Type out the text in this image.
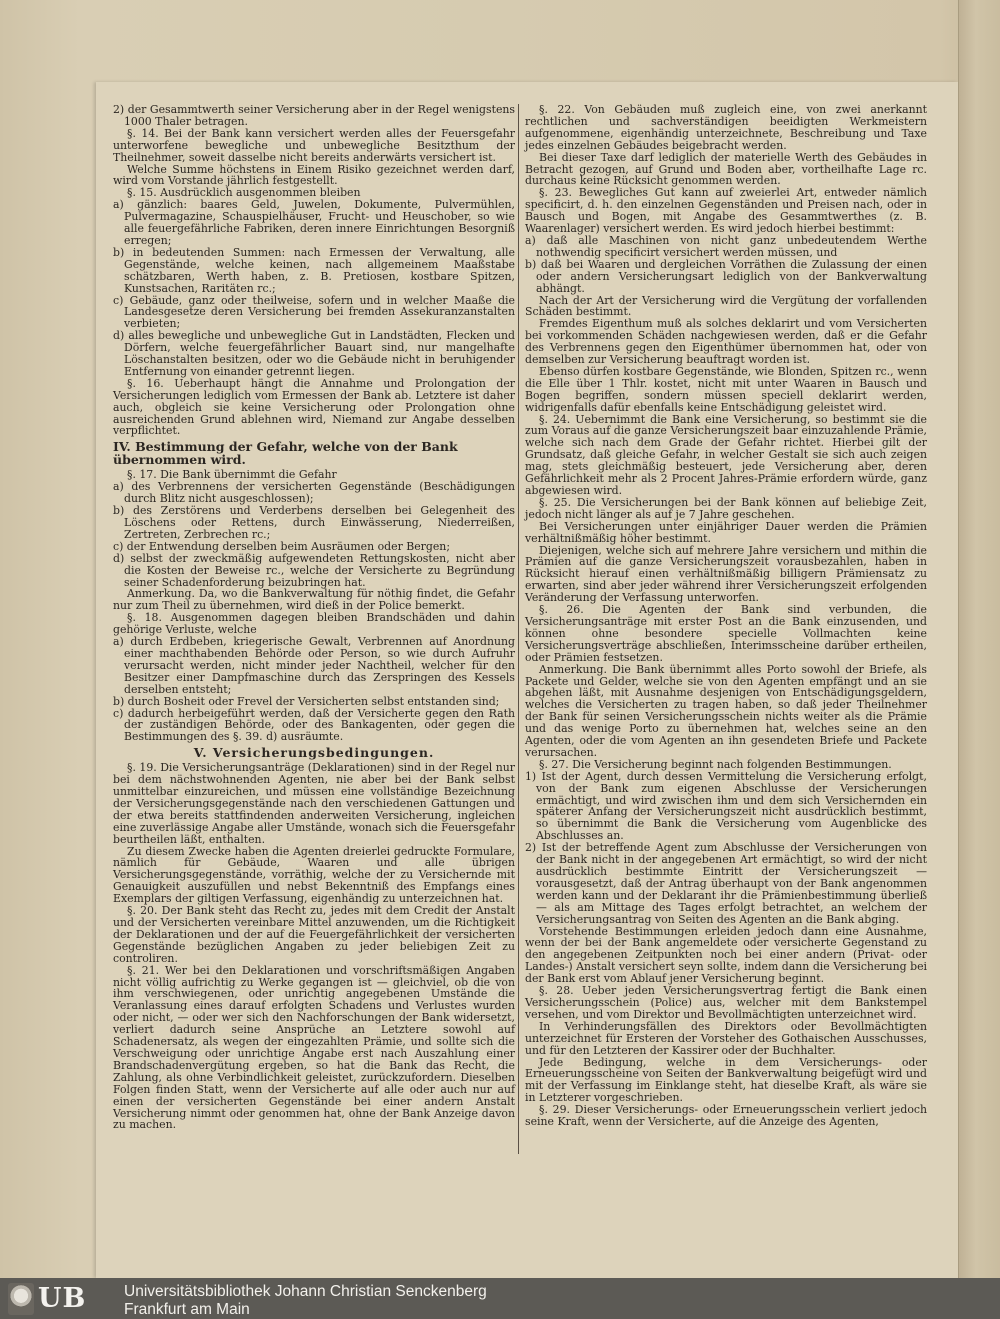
2) der Gesammtwerth seiner Versicherung aber in der Regel wenigstens 1000 Thaler betragen.

§. 14. Bei der Bank kann versichert werden alles der Feuersgefahr unterworfene bewegliche und unbewegliche Besitzthum der Theilnehmer, soweit dasselbe nicht bereits anderwärts versichert ist.

Welche Summe höchstens in Einem Risiko gezeichnet werden darf, wird vom Vorstande jährlich festgestellt.

§. 15. Ausdrücklich ausgenommen bleiben

a) gänzlich: baares Geld, Juwelen, Dokumente, Pulvermühlen, Pulvermagazine, Schauspielhäuser, Frucht- und Heuschober, so wie alle feuergefährliche Fabriken, deren innere Einrichtungen Besorgniß erregen;

b) in bedeutenden Summen: nach Ermessen der Verwaltung, alle Gegenstände, welche keinen, nach allgemeinem Maaßstabe schätzbaren, Werth haben, z. B. Pretiosen, kostbare Spitzen, Kunstsachen, Raritäten rc.;

c) Gebäude, ganz oder theilweise, sofern und in welcher Maaße die Landesgesetze deren Versicherung bei fremden Assekuranzanstalten verbieten;

d) alles bewegliche und unbewegliche Gut in Landstädten, Flecken und Dörfern, welche feuergefährlicher Bauart sind, nur mangelhafte Löschanstalten besitzen, oder wo die Gebäude nicht in beruhigender Entfernung von einander getrennt liegen.

§. 16. Ueberhaupt hängt die Annahme und Prolongation der Versicherungen lediglich vom Ermessen der Bank ab. Letztere ist daher auch, obgleich sie keine Versicherung oder Prolongation ohne ausreichenden Grund ablehnen wird, Niemand zur Angabe desselben verpflichtet.

IV. Bestimmung der Gefahr, welche von der Bank übernommen wird.

§. 17. Die Bank übernimmt die Gefahr

a) des Verbrennens der versicherten Gegenstände (Beschädigungen durch Blitz nicht ausgeschlossen);

b) des Zerstörens und Verderbens derselben bei Gelegenheit des Löschens oder Rettens, durch Einwässerung, Niederreißen, Zertreten, Zerbrechen rc.;

c) der Entwendung derselben beim Ausräumen oder Bergen;

d) selbst der zweckmäßig aufgewendeten Rettungskosten, nicht aber die Kosten der Beweise rc., welche der Versicherte zu Begründung seiner Schadenforderung beizubringen hat.

Anmerkung. Da, wo die Bankverwaltung für nöthig findet, die Gefahr nur zum Theil zu übernehmen, wird dieß in der Police bemerkt.

§. 18. Ausgenommen dagegen bleiben Brandschäden und dahin gehörige Verluste, welche

a) durch Erdbeben, kriegerische Gewalt, Verbrennen auf Anordnung einer machthabenden Behörde oder Person, so wie durch Aufruhr verursacht werden, nicht minder jeder Nachtheil, welcher für den Besitzer einer Dampfmaschine durch das Zerspringen des Kessels derselben entsteht;

b) durch Bosheit oder Frevel der Versicherten selbst entstanden sind;

c) dadurch herbeigeführt werden, daß der Versicherte gegen den Rath der zuständigen Behörde, oder des Bankagenten, oder gegen die Bestimmungen des §. 39. d) ausräumte.

V. Versicherungsbedingungen.

§. 19. Die Versicherungsanträge (Deklarationen) sind in der Regel nur bei dem nächstwohnenden Agenten, nie aber bei der Bank selbst unmittelbar einzureichen, und müssen eine vollständige Bezeichnung der Versicherungsgegenstände nach den verschiedenen Gattungen und der etwa bereits stattfindenden anderweiten Versicherung, ingleichen eine zuverlässige Angabe aller Umstände, wonach sich die Feuersgefahr beurtheilen läßt, enthalten.

Zu diesem Zwecke haben die Agenten dreierlei gedruckte Formulare, nämlich für Gebäude, Waaren und alle übrigen Versicherungsgegenstände, vorräthig, welche der zu Versichernde mit Genauigkeit auszufüllen und nebst Bekenntniß des Empfangs eines Exemplars der giltigen Verfassung, eigenhändig zu unterzeichnen hat.

§. 20. Der Bank steht das Recht zu, jedes mit dem Credit der Anstalt und der Versicherten vereinbare Mittel anzuwenden, um die Richtigkeit der Deklarationen und der auf die Feuergefährlichkeit der versicherten Gegenstände bezüglichen Angaben zu jeder beliebigen Zeit zu controliren.

§. 21. Wer bei den Deklarationen und vorschriftsmäßigen Angaben nicht völlig aufrichtig zu Werke gegangen ist — gleichviel, ob die von ihm verschwiegenen, oder unrichtig angegebenen Umstände die Veranlassung eines darauf erfolgten Schadens und Verlustes wurden oder nicht, — oder wer sich den Nachforschungen der Bank widersetzt, verliert dadurch seine Ansprüche an Letztere sowohl auf Schadenersatz, als wegen der eingezahlten Prämie, und sollte sich die Verschweigung oder unrichtige Angabe erst nach Auszahlung einer Brandschadenvergütung ergeben, so hat die Bank das Recht, die Zahlung, als ohne Verbindlichkeit geleistet, zurückzufordern. Dieselben Folgen finden Statt, wenn der Versicherte auf alle oder auch nur auf einen der versicherten Gegenstände bei einer andern Anstalt Versicherung nimmt oder genommen hat, ohne der Bank Anzeige davon zu machen.

§. 22. Von Gebäuden muß zugleich eine, von zwei anerkannt rechtlichen und sachverständigen beeidigten Werkmeistern aufgenommene, eigenhändig unterzeichnete, Beschreibung und Taxe jedes einzelnen Gebäudes beigebracht werden.

Bei dieser Taxe darf lediglich der materielle Werth des Gebäudes in Betracht gezogen, auf Grund und Boden aber, vortheilhafte Lage rc. durchaus keine Rücksicht genommen werden.

§. 23. Bewegliches Gut kann auf zweierlei Art, entweder nämlich specificirt, d. h. den einzelnen Gegenständen und Preisen nach, oder in Bausch und Bogen, mit Angabe des Gesammtwerthes (z. B. Waarenlager) versichert werden. Es wird jedoch hierbei bestimmt:

a) daß alle Maschinen von nicht ganz unbedeutendem Werthe nothwendig specificirt versichert werden müssen, und

b) daß bei Waaren und dergleichen Vorräthen die Zulassung der einen oder andern Versicherungsart lediglich von der Bankverwaltung abhängt.

Nach der Art der Versicherung wird die Vergütung der vorfallenden Schäden bestimmt.

Fremdes Eigenthum muß als solches deklarirt und vom Versicherten bei vorkommenden Schäden nachgewiesen werden, daß er die Gefahr des Verbrennens gegen den Eigenthümer übernommen hat, oder von demselben zur Versicherung beauftragt worden ist.

Ebenso dürfen kostbare Gegenstände, wie Blonden, Spitzen rc., wenn die Elle über 1 Thlr. kostet, nicht mit unter Waaren in Bausch und Bogen begriffen, sondern müssen speciell deklarirt werden, widrigenfalls dafür ebenfalls keine Entschädigung geleistet wird.

§. 24. Uebernimmt die Bank eine Versicherung, so bestimmt sie die zum Voraus auf die ganze Versicherungszeit baar einzuzahlende Prämie, welche sich nach dem Grade der Gefahr richtet. Hierbei gilt der Grundsatz, daß gleiche Gefahr, in welcher Gestalt sie sich auch zeigen mag, stets gleichmäßig besteuert, jede Versicherung aber, deren Gefährlichkeit mehr als 2 Procent Jahres-Prämie erfordern würde, ganz abgewiesen wird.

§. 25. Die Versicherungen bei der Bank können auf beliebige Zeit, jedoch nicht länger als auf je 7 Jahre geschehen.

Bei Versicherungen unter einjähriger Dauer werden die Prämien verhältnißmäßig höher bestimmt.

Diejenigen, welche sich auf mehrere Jahre versichern und mithin die Prämien auf die ganze Versicherungszeit vorausbezahlen, haben in Rücksicht hierauf einen verhältnißmäßig billigern Prämiensatz zu erwarten, sind aber jeder während ihrer Versicherungszeit erfolgenden Veränderung der Verfassung unterworfen.

§. 26. Die Agenten der Bank sind verbunden, die Versicherungsanträge mit erster Post an die Bank einzusenden, und können ohne besondere specielle Vollmachten keine Versicherungsverträge abschließen, Interimsscheine darüber ertheilen, oder Prämien festsetzen.

Anmerkung. Die Bank übernimmt alles Porto sowohl der Briefe, als Packete und Gelder, welche sie von den Agenten empfängt und an sie abgehen läßt, mit Ausnahme desjenigen von Entschädigungsgeldern, welches die Versicherten zu tragen haben, so daß jeder Theilnehmer der Bank für seinen Versicherungsschein nichts weiter als die Prämie und das wenige Porto zu übernehmen hat, welches seine an den Agenten, oder die vom Agenten an ihn gesendeten Briefe und Packete verursachen.

§. 27. Die Versicherung beginnt nach folgenden Bestimmungen.

1) Ist der Agent, durch dessen Vermittelung die Versicherung erfolgt, von der Bank zum eigenen Abschlusse der Versicherungen ermächtigt, und wird zwischen ihm und dem sich Versichernden ein späterer Anfang der Versicherungszeit nicht ausdrücklich bestimmt, so übernimmt die Bank die Versicherung vom Augenblicke des Abschlusses an.

2) Ist der betreffende Agent zum Abschlusse der Versicherungen von der Bank nicht in der angegebenen Art ermächtigt, so wird der nicht ausdrücklich bestimmte Eintritt der Versicherungszeit — vorausgesetzt, daß der Antrag überhaupt von der Bank angenommen werden kann und der Deklarant ihr die Prämienbestimmung überließ — als am Mittage des Tages erfolgt betrachtet, an welchem der Versicherungsantrag von Seiten des Agenten an die Bank abging.

Vorstehende Bestimmungen erleiden jedoch dann eine Ausnahme, wenn der bei der Bank angemeldete oder versicherte Gegenstand zu den angegebenen Zeitpunkten noch bei einer andern (Privat- oder Landes-) Anstalt versichert seyn sollte, indem dann die Versicherung bei der Bank erst vom Ablauf jener Versicherung beginnt.

§. 28. Ueber jeden Versicherungsvertrag fertigt die Bank einen Versicherungsschein (Police) aus, welcher mit dem Bankstempel versehen, und vom Direktor und Bevollmächtigten unterzeichnet wird.

In Verhinderungsfällen des Direktors oder Bevollmächtigten unterzeichnet für Ersteren der Vorsteher des Gothaischen Ausschusses, und für den Letzteren der Kassirer oder der Buchhalter.

Jede Bedingung, welche in dem Versicherungs- oder Erneuerungsscheine von Seiten der Bankverwaltung beigefügt wird und mit der Verfassung im Einklange steht, hat dieselbe Kraft, als wäre sie in Letzterer vorgeschrieben.

§. 29. Dieser Versicherungs- oder Erneuerungsschein verliert jedoch seine Kraft, wenn der Versicherte, auf die Anzeige des Agenten,

UB Universitätsbibliothek Johann Christian Senckenberg
Frankfurt am Main
